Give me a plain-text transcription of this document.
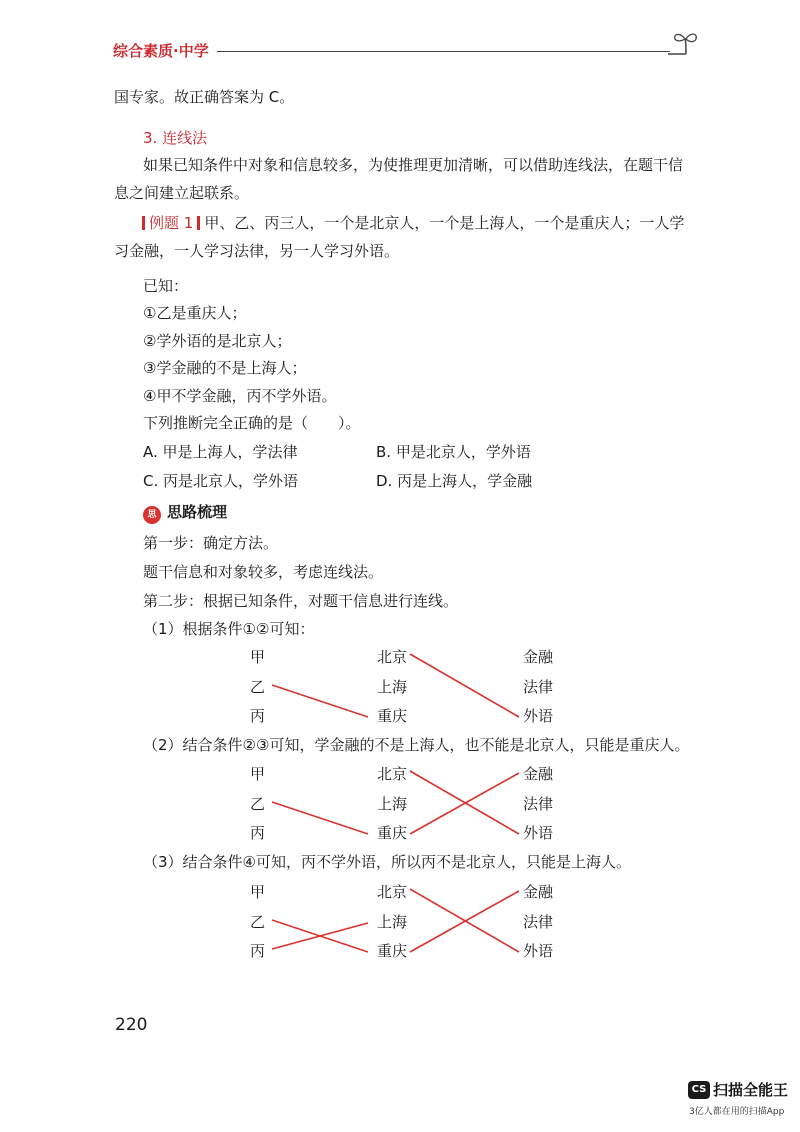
综合素质·中学
国专家。故正确答案为 C。
3. 连线法
如果已知条件中对象和信息较多，为使推理更加清晰，可以借助连线法，在题干信
息之间建立起联系。
例题 1 甲、乙、丙三人，一个是北京人，一个是上海人，一个是重庆人；一人学
习金融，一人学习法律，另一人学习外语。
已知：
①乙是重庆人；
②学外语的是北京人；
③学金融的不是上海人；
④甲不学金融，丙不学外语。
下列推断完全正确的是（　　）。
A. 甲是上海人，学法律	B. 甲是北京人，学外语
C. 丙是北京人，学外语	D. 丙是上海人，学金融
思 思路梳理
第一步：确定方法。
题干信息和对象较多，考虑连线法。
第二步：根据已知条件，对题干信息进行连线。
（1）根据条件①②可知：
甲
乙
丙
北京
上海
重庆
金融
法律
外语
（2）结合条件②③可知，学金融的不是上海人，也不能是北京人，只能是重庆人。
甲
乙
丙
北京
上海
重庆
金融
法律
外语
（3）结合条件④可知，丙不学外语，所以丙不是北京人，只能是上海人。
甲
乙
丙
北京
上海
重庆
金融
法律
外语
220
CS 扫描全能王
3亿人都在用的扫描App
